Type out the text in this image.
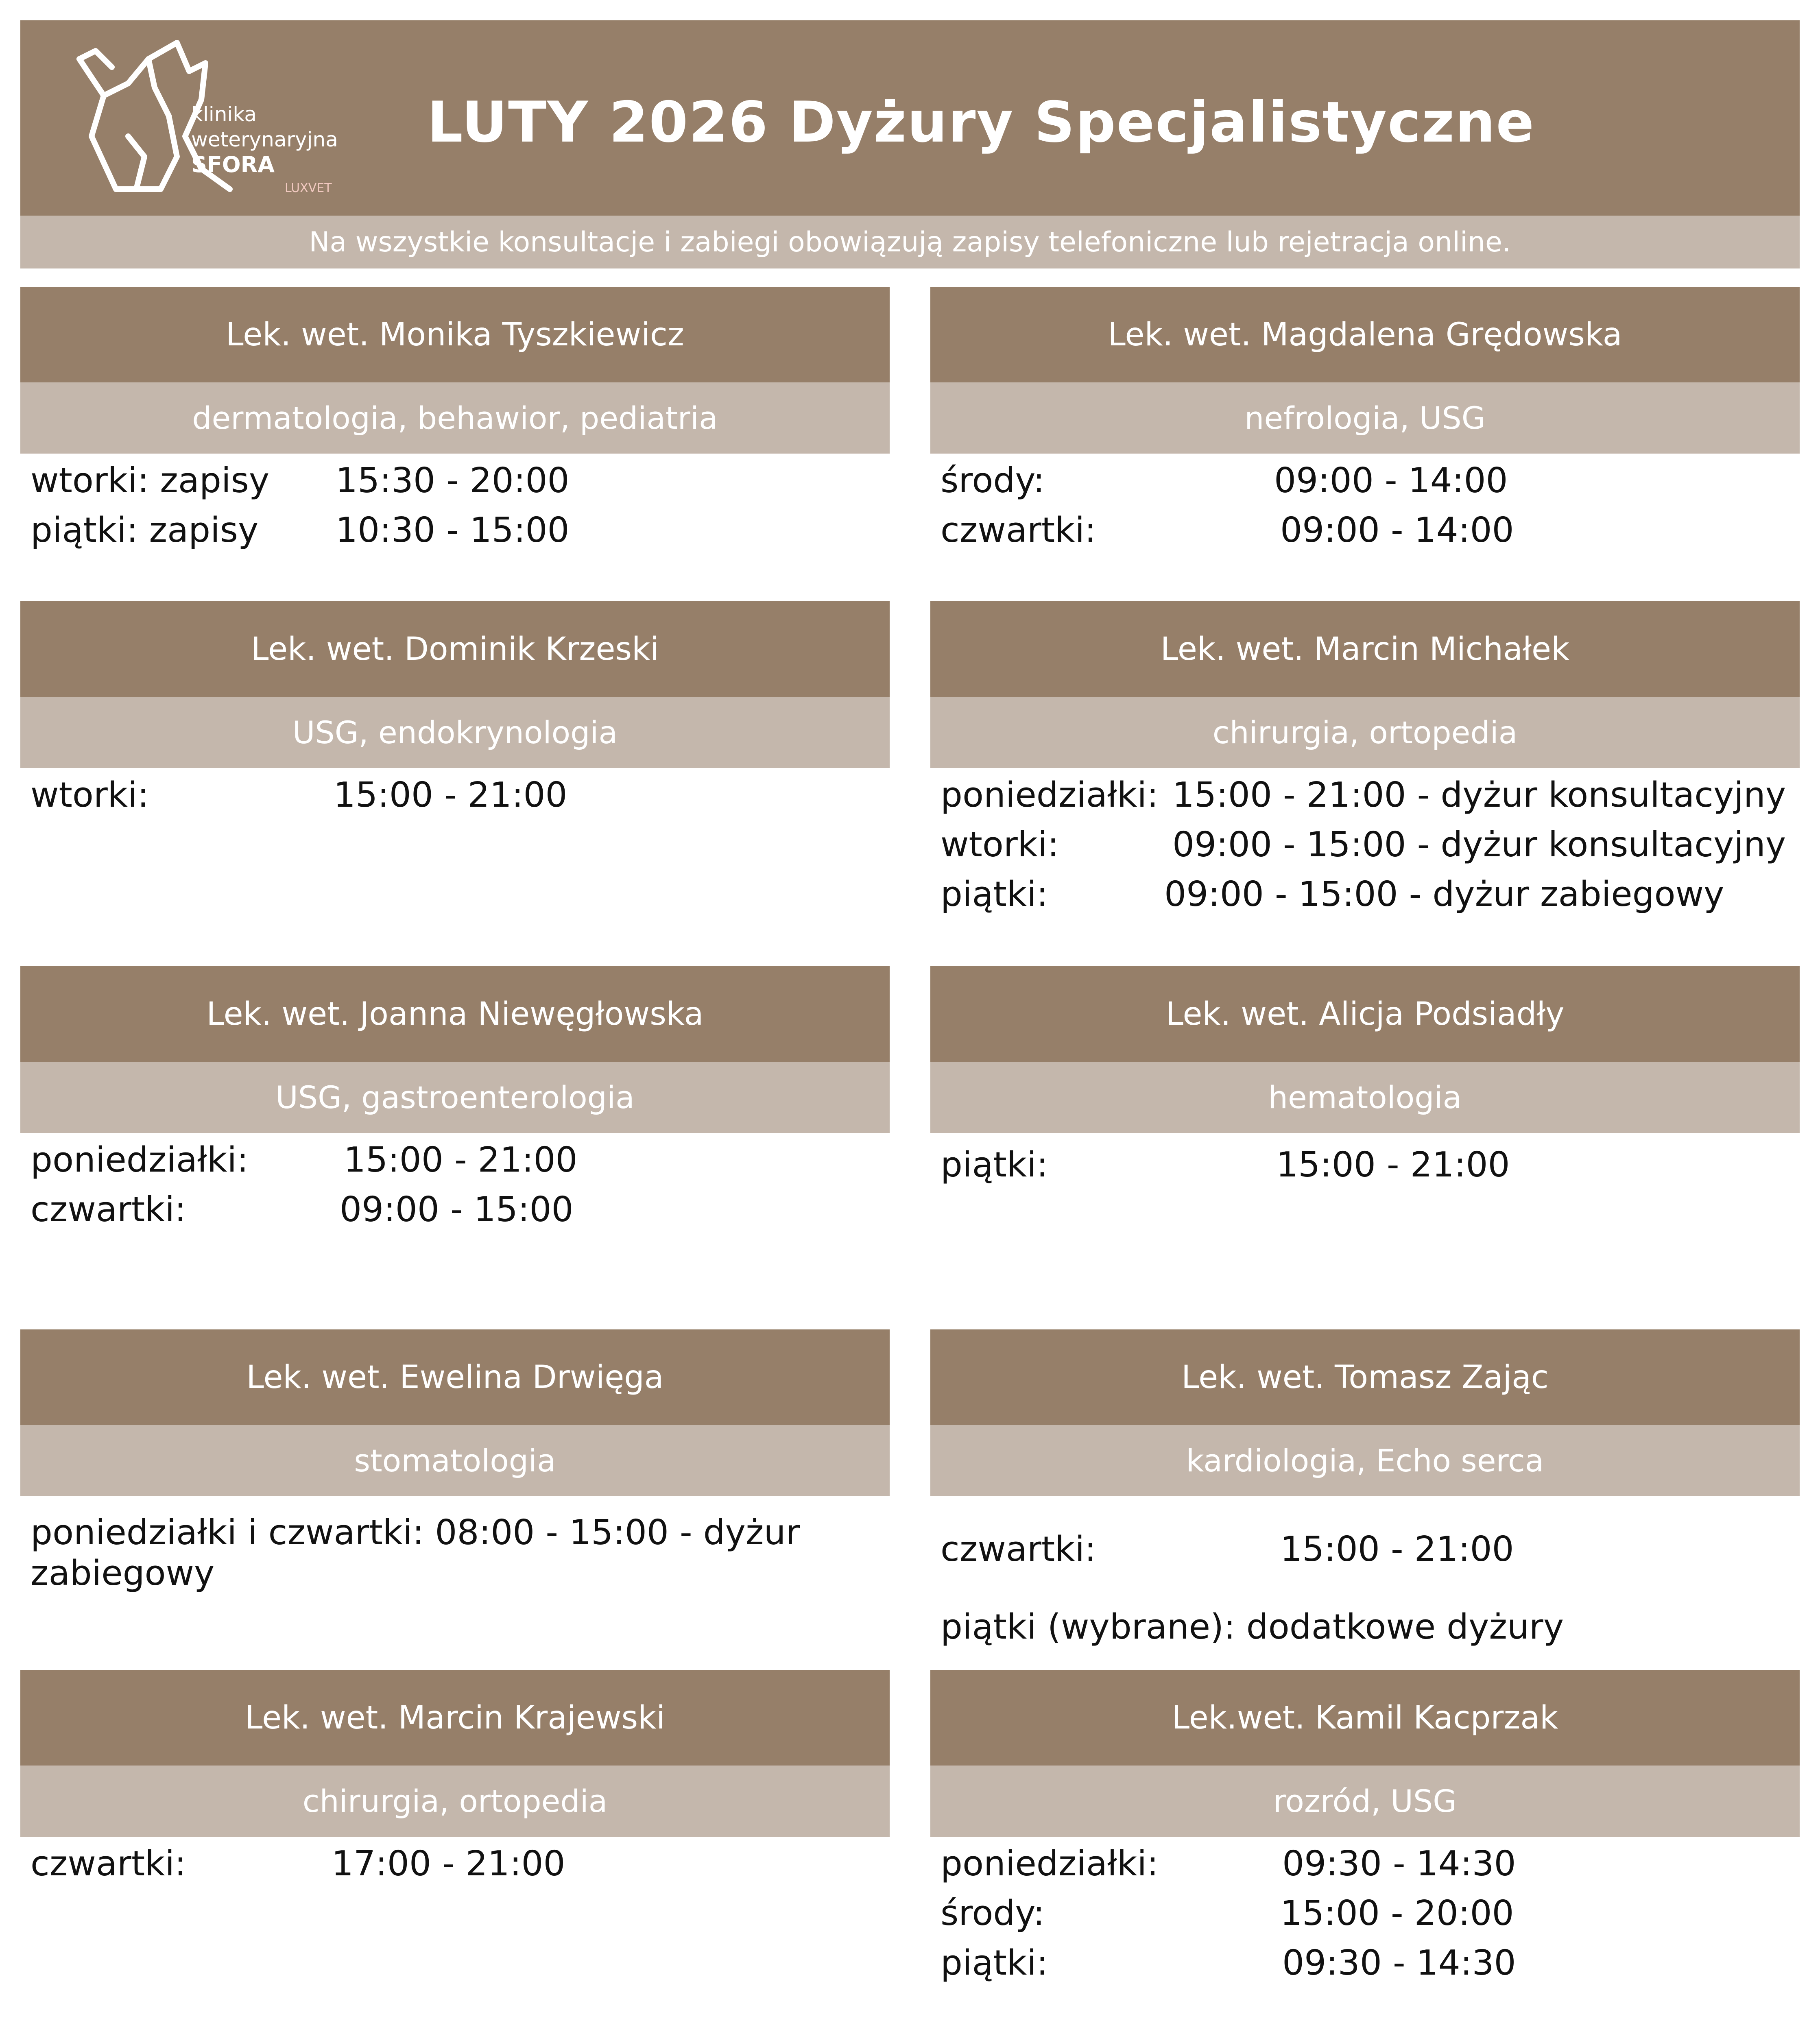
klinika
weterynaryjna
SFORA
LUXVET
LUTY 2026 Dyżury Specjalistyczne
Na wszystkie konsultacje i zabiegi obowiązują zapisy telefoniczne lub rejetracja online.
Lek. wet. Monika Tyszkiewicz
dermatologia, behawior, pediatria
wtorki: zapisy 15:30 - 20:00
piątki: zapisy 10:30 - 15:00
Lek. wet. Magdalena Grędowska
nefrologia, USG
środy:	09:00 - 14:00
czwartki:	09:00 - 14:00
Lek. wet. Dominik Krzeski
USG, endokrynologia
wtorki:	15:00 - 21:00
Lek. wet. Marcin Michałek
chirurgia, ortopedia
poniedziałki: 15:00 - 21:00 - dyżur konsultacyjny
wtorki:	09:00 - 15:00 - dyżur konsultacyjny
piątki:	09:00 - 15:00 - dyżur zabiegowy
Lek. wet. Joanna Niewęgłowska
USG, gastroenterologia
poniedziałki:	15:00 - 21:00
czwartki:	09:00 - 15:00
Lek. wet. Alicja Podsiadły
hematologia
piątki:	15:00 - 21:00
Lek. wet. Ewelina Drwięga
stomatologia
poniedziałki i czwartki: 08:00 - 15:00 - dyżur zabiegowy
Lek. wet. Tomasz Zając
kardiologia, Echo serca
czwartki:	15:00 - 21:00
piątki (wybrane): dodatkowe dyżury
Lek. wet. Marcin Krajewski
chirurgia, ortopedia
czwartki:	17:00 - 21:00
Lek.wet. Kamil Kacprzak
rozród, USG
poniedziałki:	09:30 - 14:30
środy:	15:00 - 20:00
piątki:	09:30 - 14:30
